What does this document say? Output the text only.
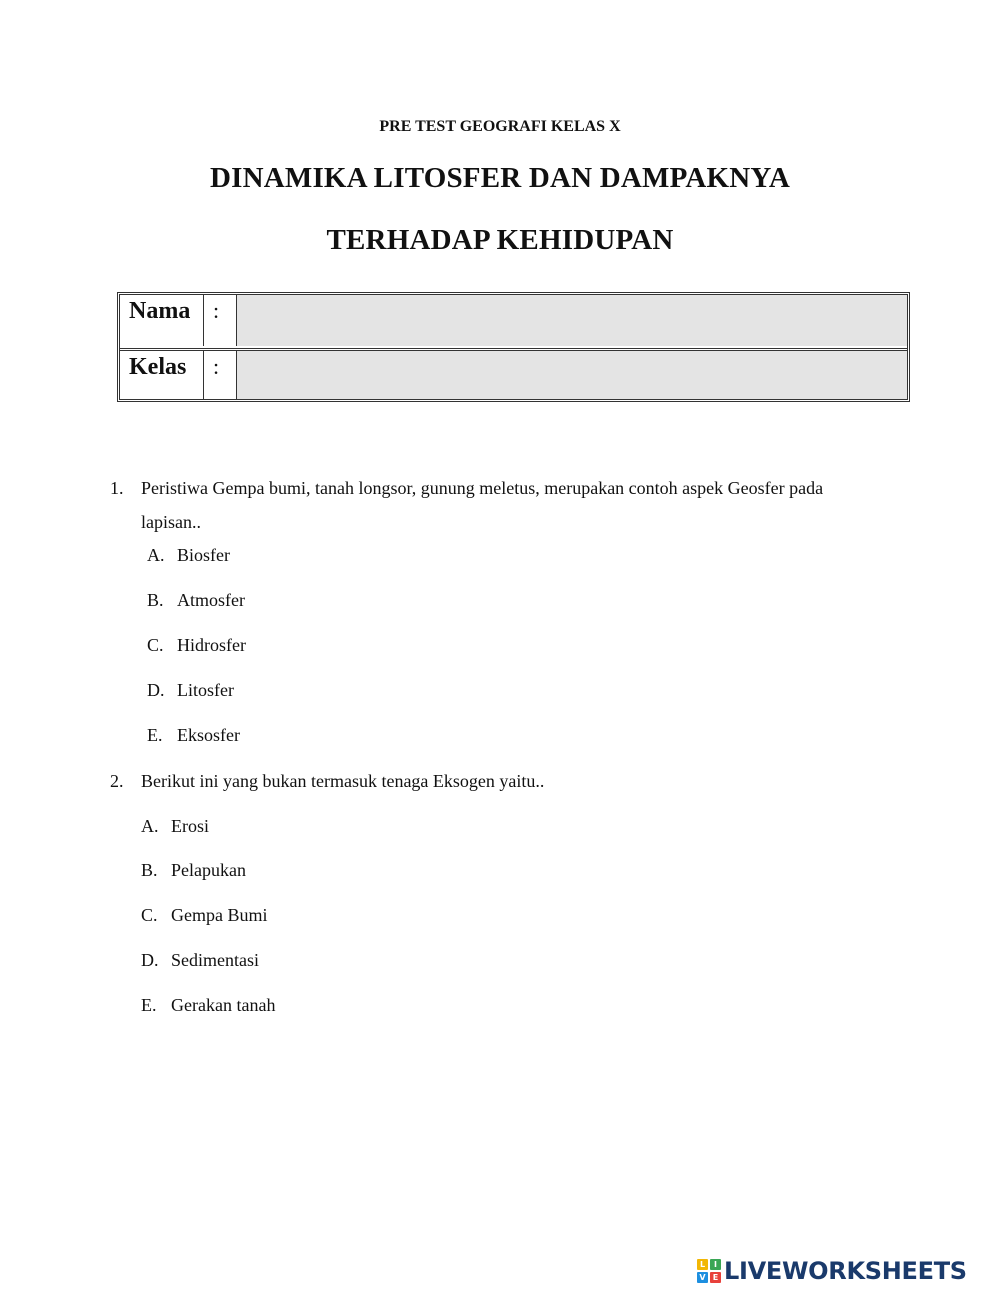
PRE TEST GEOGRAFI KELAS X
DINAMIKA LITOSFER DAN DAMPAKNYA
TERHADAP KEHIDUPAN
Nama	:
Kelas	:
1. Peristiwa Gempa bumi, tanah longsor, gunung meletus, merupakan contoh aspek Geosfer pada lapisan..
A. Biosfer
B. Atmosfer
C. Hidrosfer
D. Litosfer
E. Eksosfer
2. Berikut ini yang bukan termasuk tenaga Eksogen yaitu..
A. Erosi
B. Pelapukan
C. Gempa Bumi
D. Sedimentasi
E. Gerakan tanah
L	I
V E LIVEWORKSHEETS
